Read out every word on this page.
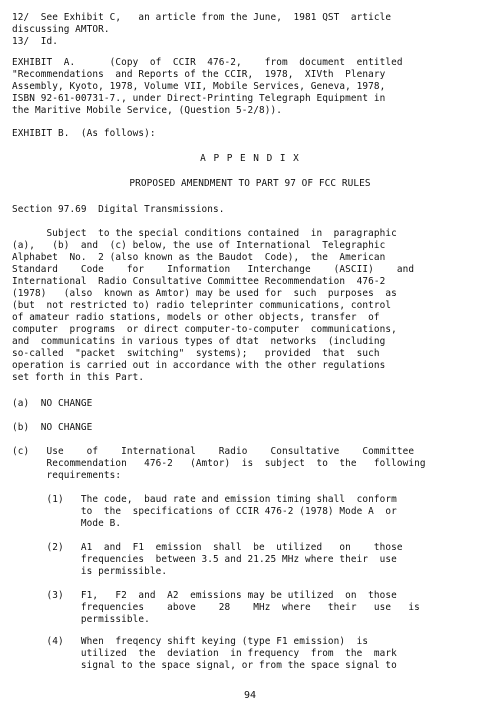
12/  See Exhibit C,   an article from the June,  1981 QST  article
discussing AMTOR.
13/  Id.
EXHIBIT  A.      (Copy  of  CCIR  476-2,    from  document  entitled
"Recommendations  and Reports of the CCIR,  1978,  XIVth  Plenary
Assembly, Kyoto, 1978, Volume VII, Mobile Services, Geneva, 1978,
ISBN 92-61-00731-7., under Direct-Printing Telegraph Equipment in
the Maritive Mobile Service, (Question 5-2/8)).
EXHIBIT B.  (As follows):
A P P E N D I X
PROPOSED AMENDMENT TO PART 97 OF FCC RULES
Section 97.69  Digital Transmissions.
Subject  to the special conditions contained  in  paragraphic
(a),   (b)  and  (c) below, the use of International  Telegraphic
Alphabet  No.  2 (also known as the Baudot  Code),  the  American
Standard    Code    for    Information   Interchange    (ASCII)    and
International  Radio Consultative Committee Recommendation  476-2
(1978)   (also  known as Amtor) may be used for  such  purposes  as
(but  not restricted to) radio teleprinter communications, control
of amateur radio stations, models or other objects, transfer  of
computer  programs  or direct computer-to-computer  communications,
and  communicatins in various types of dtat  networks  (including
so-called  "packet  switching"  systems);   provided  that  such
operation is carried out in accordance with the other regulations
set forth in this Part.
(a)  NO CHANGE
(b)  NO CHANGE
(c)   Use    of    International    Radio    Consultative    Committee
Recommendation   476-2   (Amtor)  is  subject  to  the   following
requirements:
(1)   The code,  baud rate and emission timing shall  conform
to  the  specifications of CCIR 476-2 (1978) Mode A  or
Mode B.
(2)   A1  and  F1  emission  shall  be  utilized   on    those
frequencies  between 3.5 and 21.25 MHz where their  use
is permissible.
(3)   F1,   F2  and  A2  emissions may be utilized  on  those
frequencies    above    28    MHz  where   their   use   is
permissible.
(4)   When  freqency shift keying (type F1 emission)  is
utilized  the  deviation  in frequency  from  the  mark
signal to the space signal, or from the space signal to
94
